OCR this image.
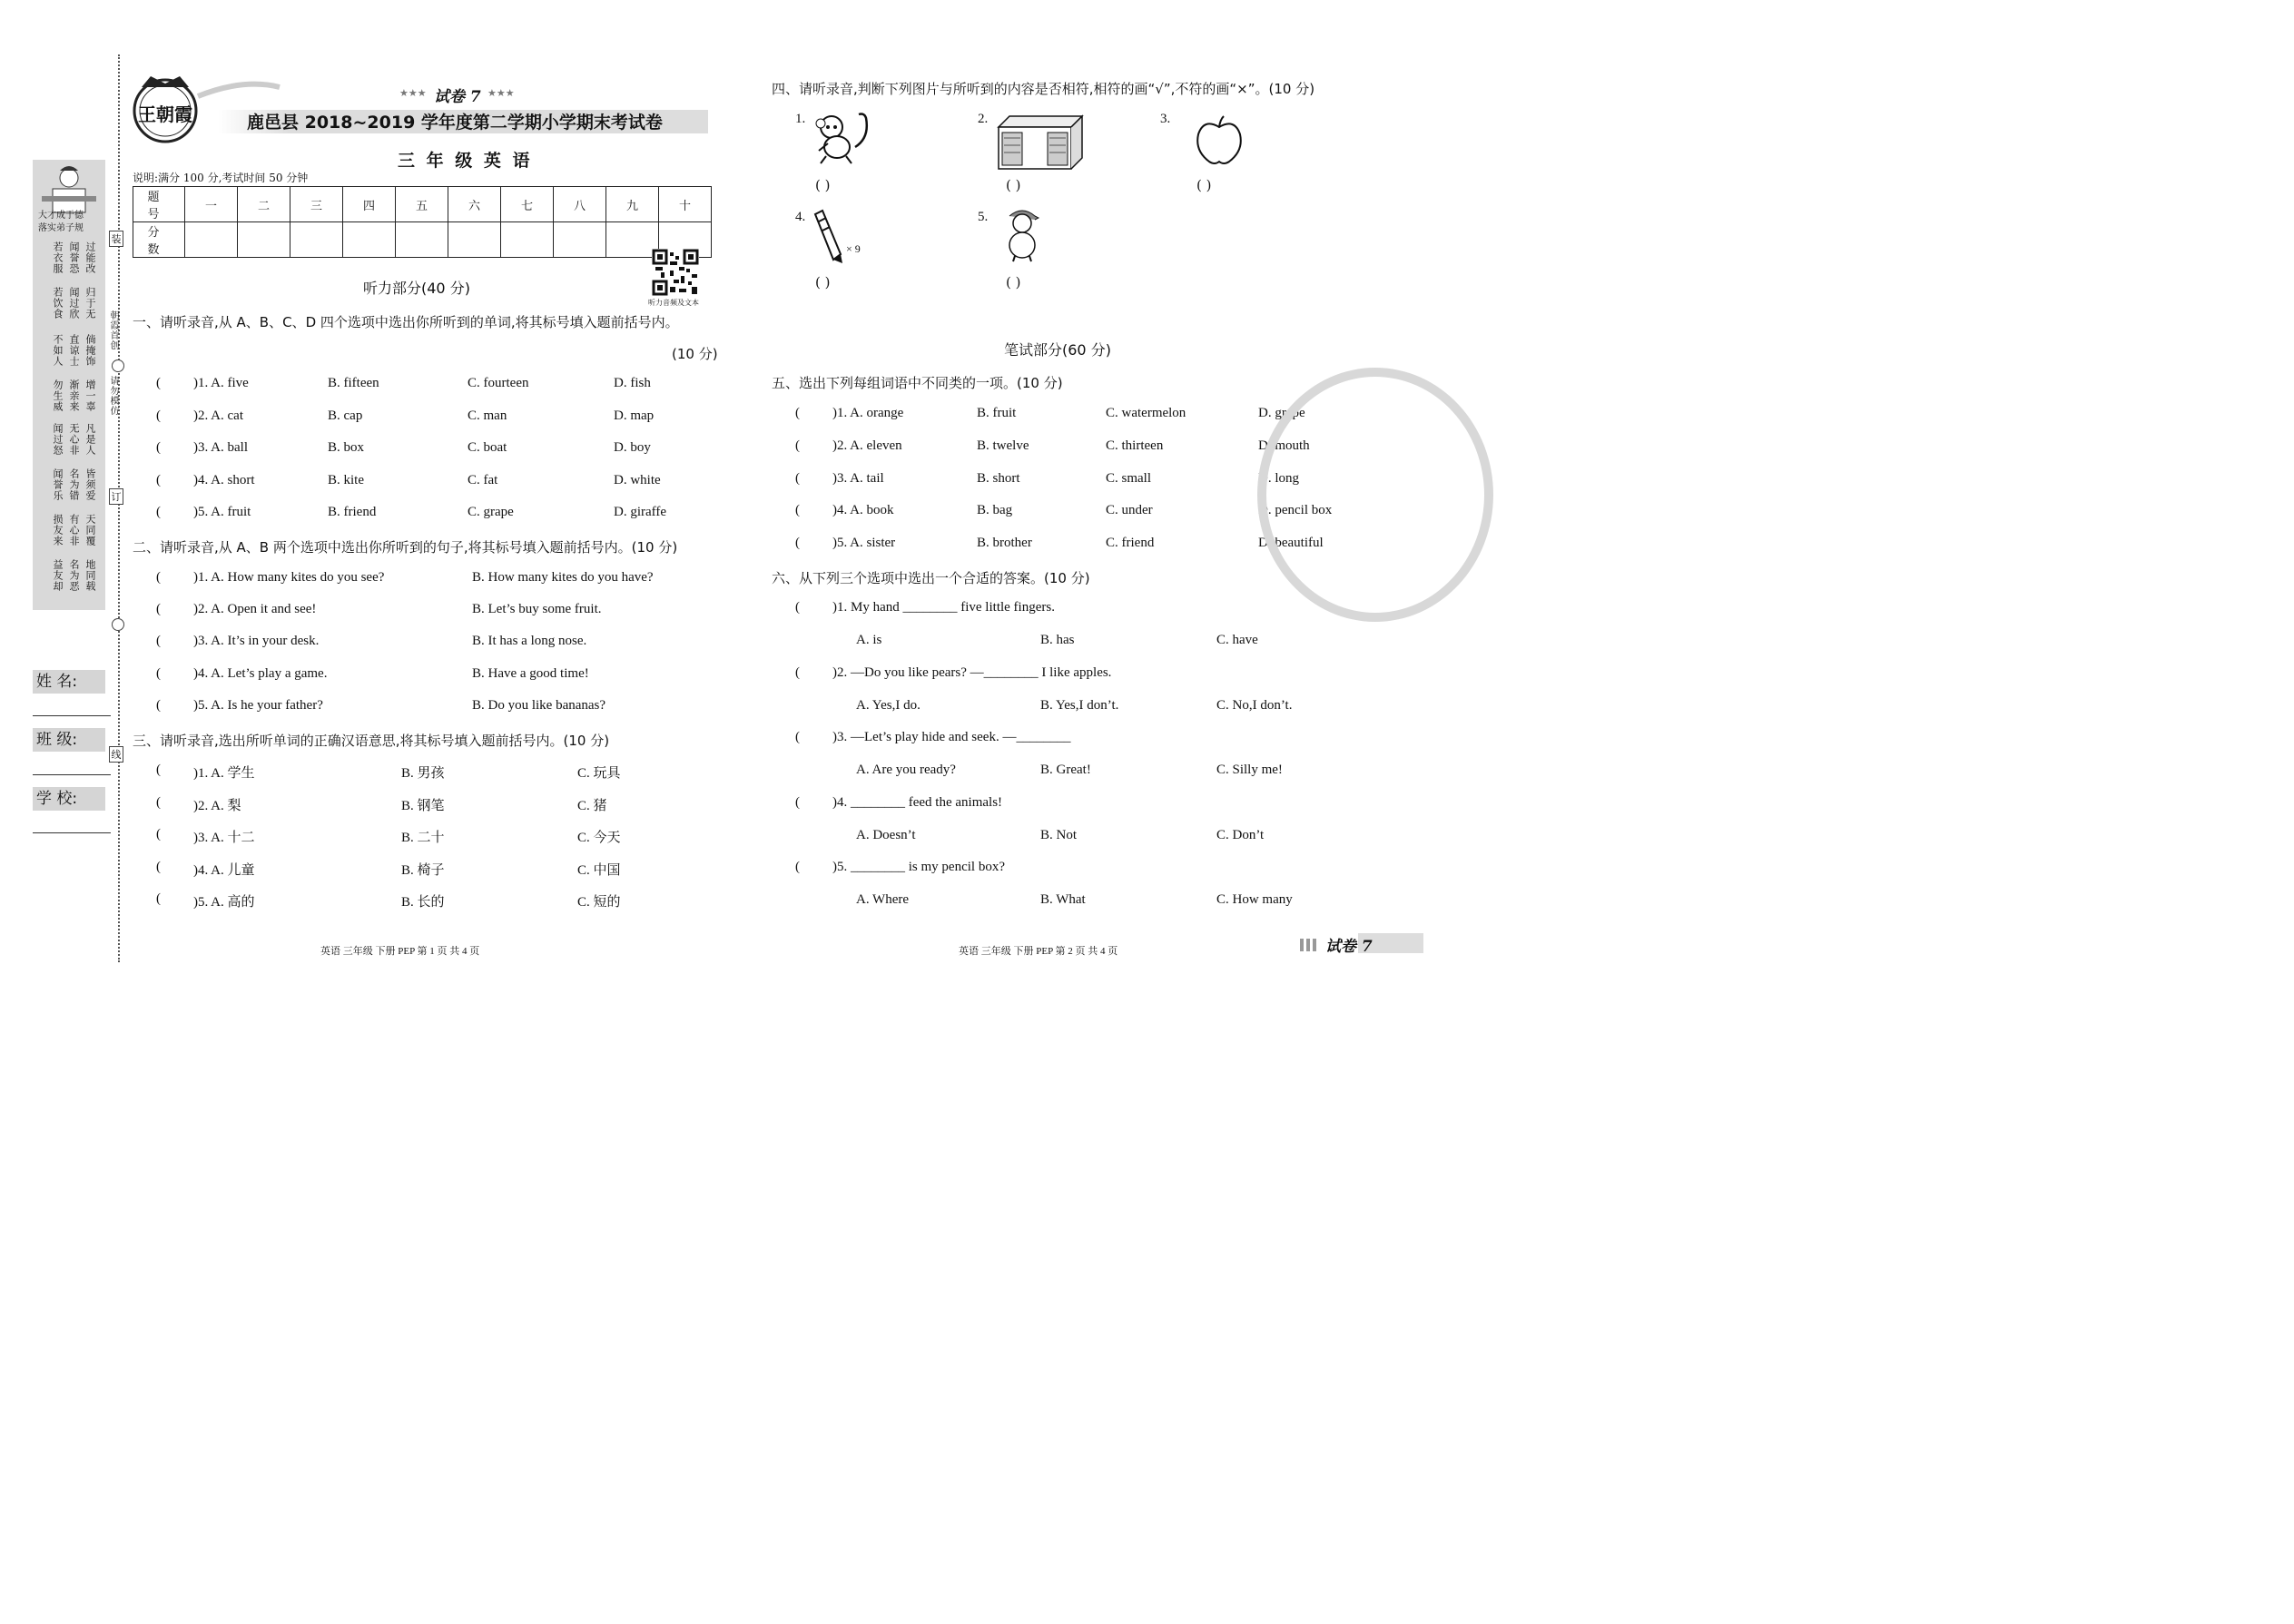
装
订
线
朝霞首创
请勿模仿
大才成于德
落实弟子规
过能改
闻誉恐
若衣服
归于无
闻过欣
若饮食
倘掩饰
直谅士
不如人
增一辜
渐亲来
勿生威
凡是人
无心非
闻过怒
皆须爱
名为错
闻誉乐
天同覆
有心非
损友来
地同载
名为恶
益友却
姓 名:
班 级:
学 校:
王朝霞
试卷 7
★★★	★★★
鹿邑县 2018~2019 学年度第二学期小学期末考试卷
三 年 级 英 语
说明:满分 100 分,考试时间 50 分钟
题 号	一	二	三	四	五	六	七	八	九	十
分 数										
听力音频及文本
听力部分(40 分)
一、请听录音,从 A、B、C、D 四个选项中选出你所听到的单词,将其标号填入题前括号内。
(10 分)
( )1. A. five	B. fifteen	C. fourteen	D. fish
( )2. A. cat	B. cap	C. man	D. map
( )3. A. ball	B. box	C. boat	D. boy
( )4. A. short	B. kite	C. fat	D. white
( )5. A. fruit	B. friend	C. grape	D. giraffe
二、请听录音,从 A、B 两个选项中选出你所听到的句子,将其标号填入题前括号内。(10 分)
( )1. A. How many kites do you see?	B. How many kites do you have?
( )2. A. Open it and see!	B. Let’s buy some fruit.
( )3. A. It’s in your desk.	B. It has a long nose.
( )4. A. Let’s play a game.	B. Have a good time!
( )5. A. Is he your father?	B. Do you like bananas?
三、请听录音,选出所听单词的正确汉语意思,将其标号填入题前括号内。(10 分)
( )1. A. 学生	B. 男孩	C. 玩具
( )2. A. 梨	B. 钢笔	C. 猪
( )3. A. 十二	B. 二十	C. 今天
( )4. A. 儿童	B. 椅子	C. 中国
( )5. A. 高的	B. 长的	C. 短的
四、请听录音,判断下列图片与所听到的内容是否相符,相符的画“√”,不符的画“×”。(10 分)
1.
( )
2.
( )
3.
( )
4.
× 9
( )
5.
( )
笔试部分(60 分)
五、选出下列每组词语中不同类的一项。(10 分)
( )1. A. orange	B. fruit	C. watermelon	D. grape
( )2. A. eleven	B. twelve	C. thirteen	D. mouth
( )3. A. tail	B. short	C. small	D. long
( )4. A. book	B. bag	C. under	D. pencil box
( )5. A. sister	B. brother	C. friend	D. beautiful
六、从下列三个选项中选出一个合适的答案。(10 分)
( )1. My hand ________ five little fingers.
A. is	B. has	C. have
( )2. —Do you like pears? —________ I like apples.
A. Yes,I do.	B. Yes,I don’t.	C. No,I don’t.
( )3. —Let’s play hide and seek. —________
A. Are you ready?	B. Great!	C. Silly me!
( )4. ________ feed the animals!
A. Doesn’t	B. Not	C. Don’t
( )5. ________ is my pencil box?
A. Where	B. What	C. How many
英语 三年级 下册 PEP 第 1 页 共 4 页	英语 三年级 下册 PEP 第 2 页 共 4 页	试卷 7
